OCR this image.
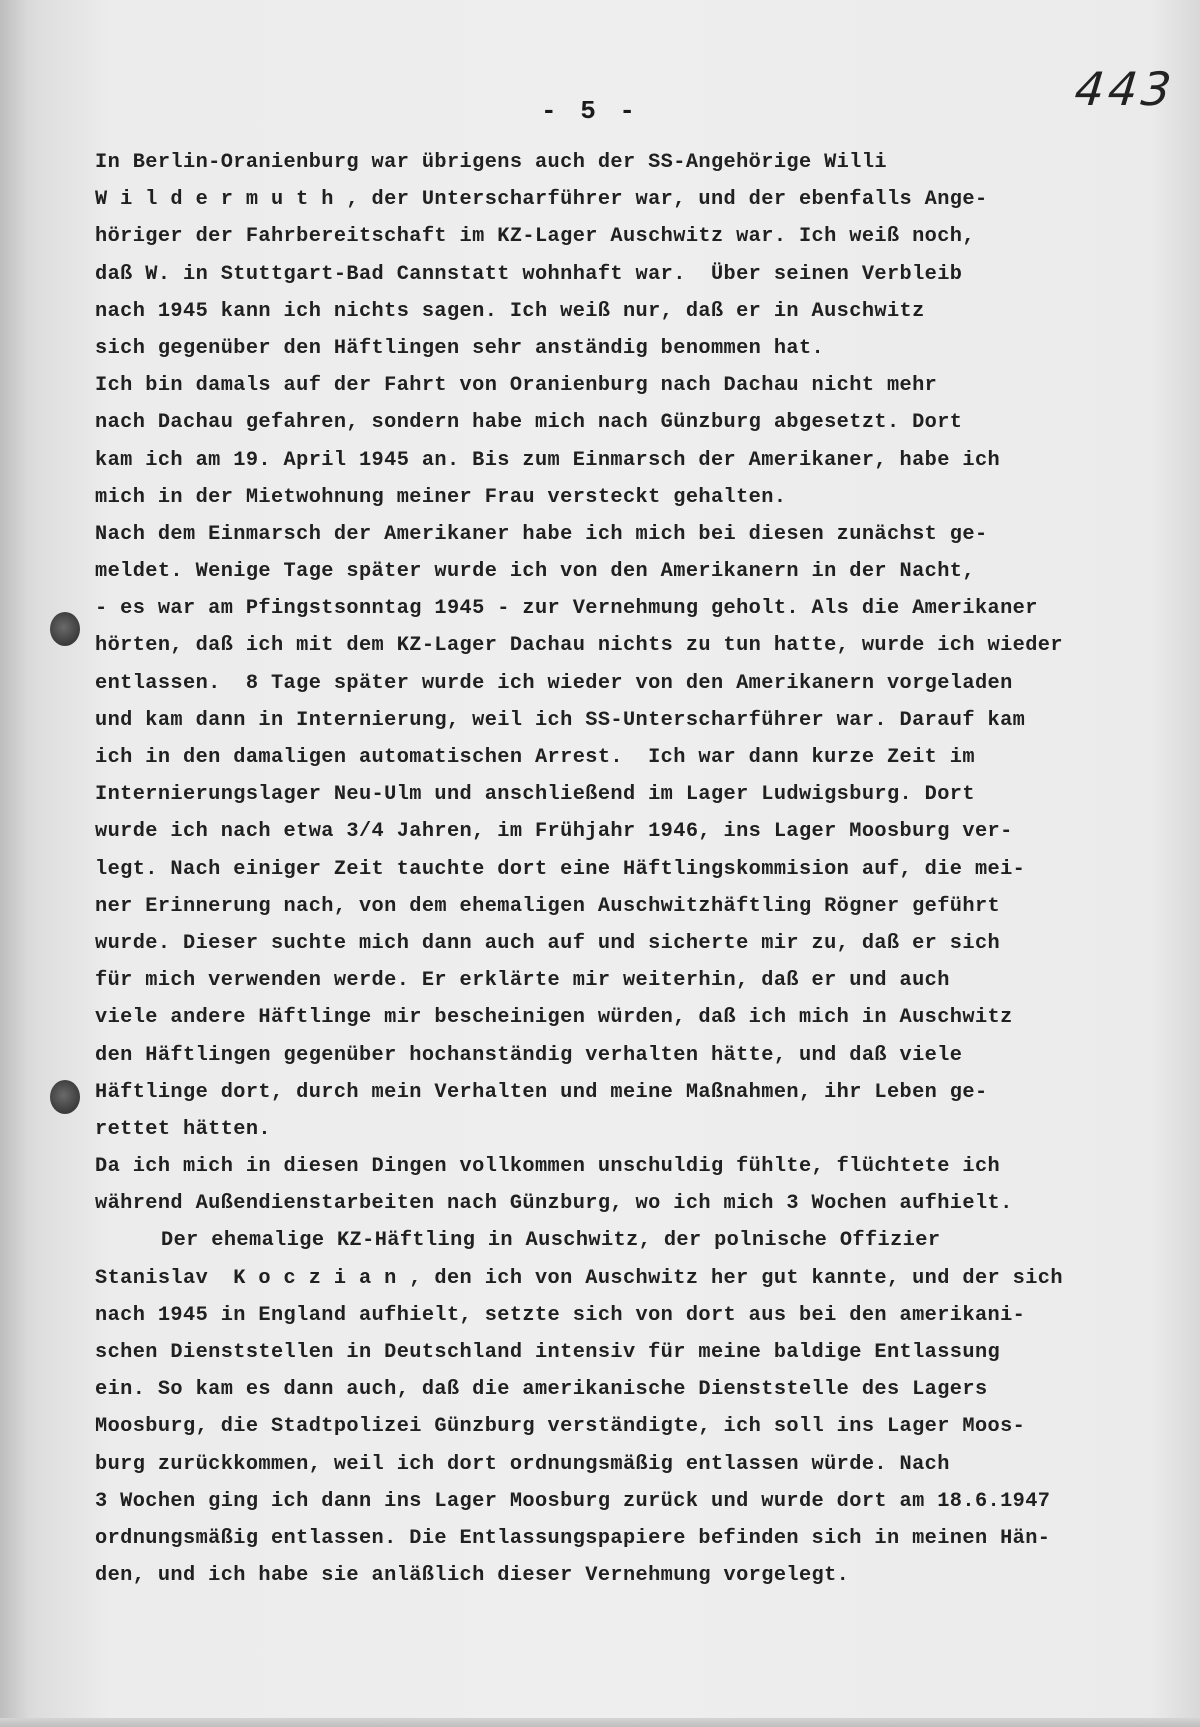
- 5 -	443
In Berlin-Oranienburg war übrigens auch der SS-Angehörige Willi
W i l d e r m u t h , der Unterscharführer war, und der ebenfalls Ange-
höriger der Fahrbereitschaft im KZ-Lager Auschwitz war. Ich weiß noch,
daß W. in Stuttgart-Bad Cannstatt wohnhaft war.  Über seinen Verbleib
nach 1945 kann ich nichts sagen. Ich weiß nur, daß er in Auschwitz
sich gegenüber den Häftlingen sehr anständig benommen hat.
Ich bin damals auf der Fahrt von Oranienburg nach Dachau nicht mehr
nach Dachau gefahren, sondern habe mich nach Günzburg abgesetzt. Dort
kam ich am 19. April 1945 an. Bis zum Einmarsch der Amerikaner, habe ich
mich in der Mietwohnung meiner Frau versteckt gehalten.
Nach dem Einmarsch der Amerikaner habe ich mich bei diesen zunächst ge-
meldet. Wenige Tage später wurde ich von den Amerikanern in der Nacht,
- es war am Pfingstsonntag 1945 - zur Vernehmung geholt. Als die Amerikaner
hörten, daß ich mit dem KZ-Lager Dachau nichts zu tun hatte, wurde ich wieder
entlassen.  8 Tage später wurde ich wieder von den Amerikanern vorgeladen
und kam dann in Internierung, weil ich SS-Unterscharführer war. Darauf kam
ich in den damaligen automatischen Arrest.  Ich war dann kurze Zeit im
Internierungslager Neu-Ulm und anschließend im Lager Ludwigsburg. Dort
wurde ich nach etwa 3/4 Jahren, im Frühjahr 1946, ins Lager Moosburg ver-
legt. Nach einiger Zeit tauchte dort eine Häftlingskommision auf, die mei-
ner Erinnerung nach, von dem ehemaligen Auschwitzhäftling Rögner geführt
wurde. Dieser suchte mich dann auch auf und sicherte mir zu, daß er sich
für mich verwenden werde. Er erklärte mir weiterhin, daß er und auch
viele andere Häftlinge mir bescheinigen würden, daß ich mich in Auschwitz
den Häftlingen gegenüber hochanständig verhalten hätte, und daß viele
Häftlinge dort, durch mein Verhalten und meine Maßnahmen, ihr Leben ge-
rettet hätten.
Da ich mich in diesen Dingen vollkommen unschuldig fühlte, flüchtete ich
während Außendienstarbeiten nach Günzburg, wo ich mich 3 Wochen aufhielt.
Der ehemalige KZ-Häftling in Auschwitz, der polnische Offizier
Stanislav  K o c z i a n , den ich von Auschwitz her gut kannte, und der sich
nach 1945 in England aufhielt, setzte sich von dort aus bei den amerikani-
schen Dienststellen in Deutschland intensiv für meine baldige Entlassung
ein. So kam es dann auch, daß die amerikanische Dienststelle des Lagers
Moosburg, die Stadtpolizei Günzburg verständigte, ich soll ins Lager Moos-
burg zurückkommen, weil ich dort ordnungsmäßig entlassen würde. Nach
3 Wochen ging ich dann ins Lager Moosburg zurück und wurde dort am 18.6.1947
ordnungsmäßig entlassen. Die Entlassungspapiere befinden sich in meinen Hän-
den, und ich habe sie anläßlich dieser Vernehmung vorgelegt.
